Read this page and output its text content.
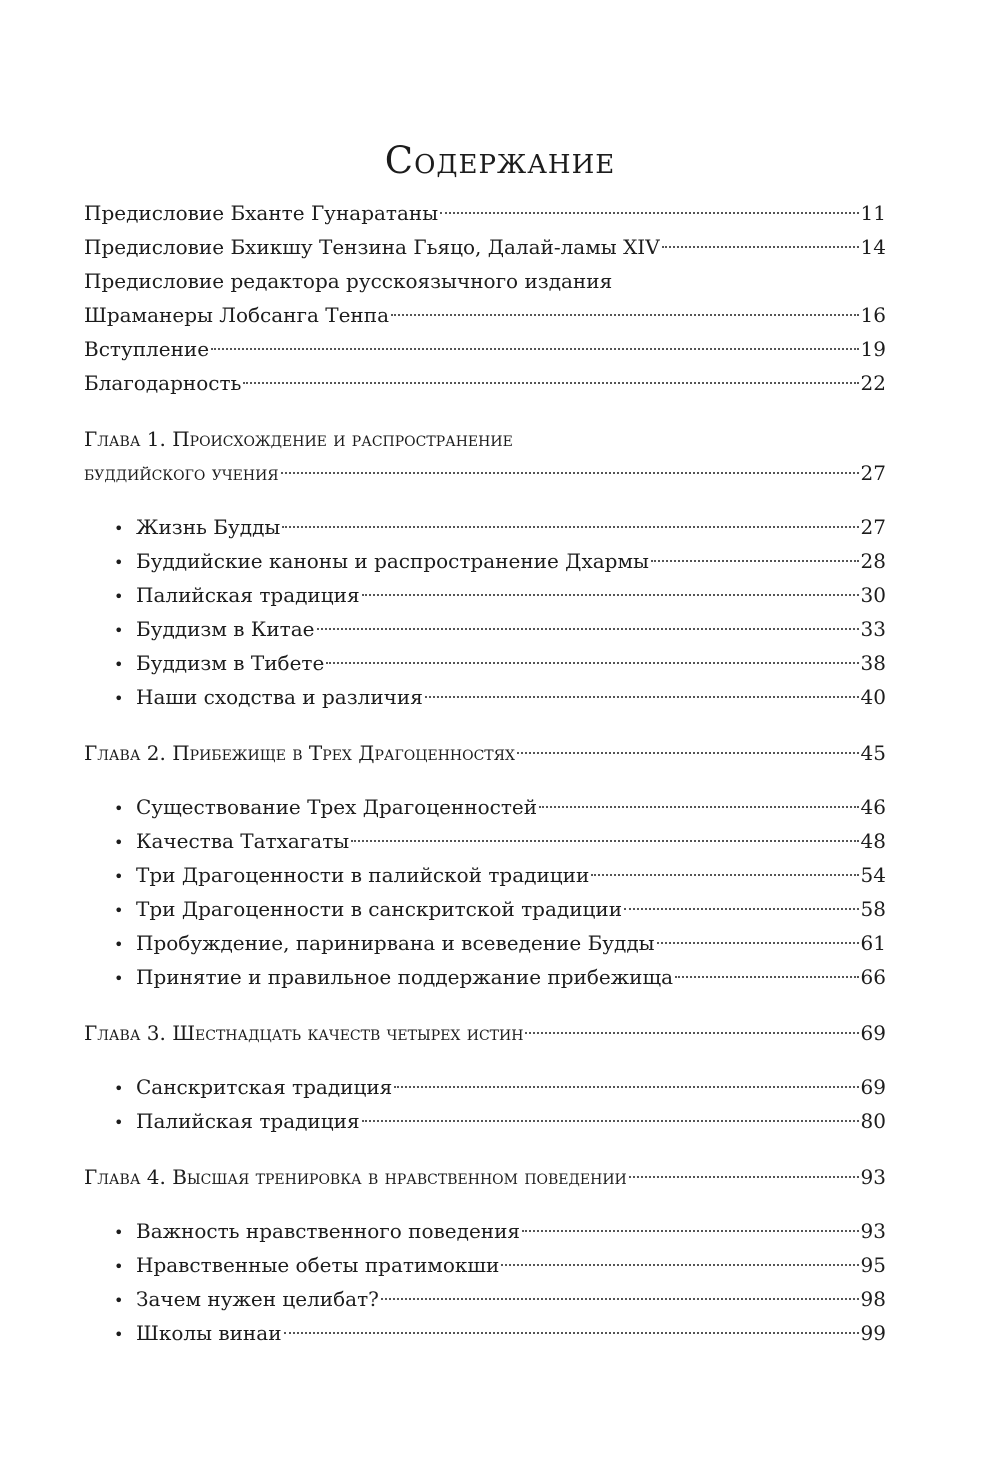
Содержание
Предисловие Бханте Гунаратаны	11
Предисловие Бхикшу Тензина Гьяцо, Далай-ламы XIV	14
Предисловие редактора русскоязычного издания
Шраманеры Лобсанга Тенпа	16
Вступление	19
Благодарность	22
Глава 1. Происхождение и распространение
буддийского учения	27
• Жизнь Будды	27
• Буддийские каноны и распространение Дхармы	28
• Палийская традиция	30
• Буддизм в Китае	33
• Буддизм в Тибете	38
• Наши сходства и различия	40
Глава 2. Прибежище в Трех Драгоценностях	45
• Существование Трех Драгоценностей	46
• Качества Татхагаты	48
• Три Драгоценности в палийской традиции	54
• Три Драгоценности в санскритской традиции	58
• Пробуждение, паринирвана и всеведение Будды	61
• Принятие и правильное поддержание прибежища	66
Глава 3. Шестнадцать качеств четырех истин	69
• Санскритская традиция	69
• Палийская традиция	80
Глава 4. Высшая тренировка в нравственном поведении	93
• Важность нравственного поведения	93
• Нравственные обеты пратимокши	95
• Зачем нужен целибат?	98
• Школы винаи	99
